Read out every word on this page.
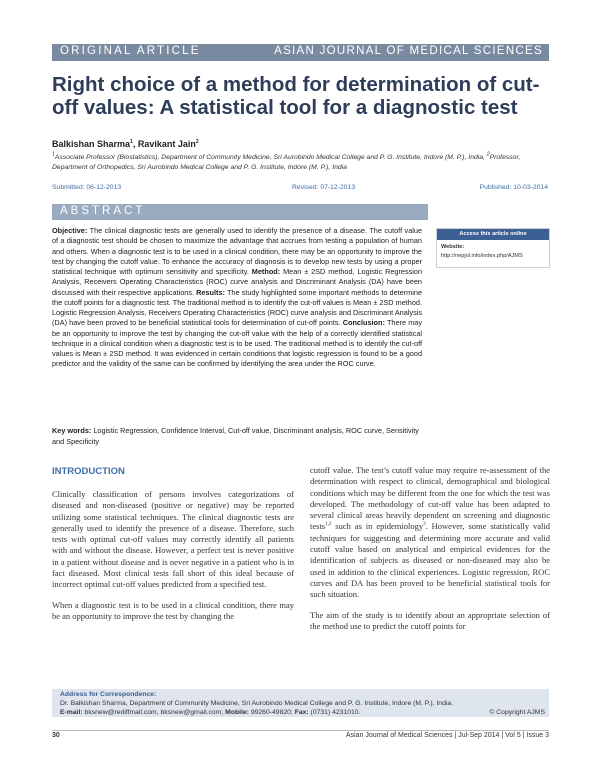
ORIGINAL ARTICLE	ASIAN JOURNAL OF MEDICAL SCIENCES
Right choice of a method for determination of cut-off values: A statistical tool for a diagnostic test
Balkishan Sharma$^1$, Ravikant Jain$^2$
$^1$Associate Professor (Biostatistics), Department of Community Medicine, Sri Aurobindo Medical College and P. G. Institute, Indore (M. P.), India, $^2$Professor, Department of Orthopedics, Sri Aurobindo Medical College and P. G. Institute, Indore (M. P.), India
Submitted: 06-12-2013	Revised: 07-12-2013	Published: 10-03-2014
ABSTRACT
Objective: The clinical diagnostic tests are generally used to identify the presence of a disease. The cutoff value of a diagnostic test should be chosen to maximize the advantage that accrues from testing a population of human and others. When a diagnostic test is to be used in a clinical condition, there may be an opportunity to improve the test by changing the cutoff value. To enhance the accuracy of diagnosis is to develop new tests by using a proper statistical technique with optimum sensitivity and specificity. Method: Mean ± 2SD method, Logistic Regression Analysis, Receivers Operating Characteristics (ROC) curve analysis and Discriminant Analysis (DA) have been discussed with their respective applications. Results: The study highlighted some important methods to determine the cutoff points for a diagnostic test. The traditional method is to identify the cut-off values is Mean ± 2SD method. Logistic Regression Analysis, Receivers Operating Characteristics (ROC) curve analysis and Discriminant Analysis (DA) have been proved to be beneficial statistical tools for determination of cut-off points. Conclusion: There may be an opportunity to improve the test by changing the cut-off value with the help of a correctly identified statistical technique in a clinical condition when a diagnostic test is to be used. The traditional method is to identify the cut-off values is Mean ± 2SD method. It was evidenced in certain conditions that logistic regression is found to be a good predictor and the validity of the same can be confirmed by identifying the area under the ROC curve.
Key words: Logistic Regression, Confidence Interval, Cut-off value, Discriminant analysis, ROC curve, Sensitivity and Specificity
Access this article online
Website:
http://nepjol.info/index.php/AJMS
INTRODUCTION

Clinically classification of persons involves categorizations of diseased and non-diseased (positive or negative) may be reported utilizing some statistical techniques. The clinical diagnostic tests are generally used to identify the presence of a disease. Therefore, such tests with optimal cut-off values may correctly identify all patients with and without the disease. However, a perfect test is never positive in a patient without disease and is never negative in a patient who is in fact diseased. Most clinical tests fall short of this ideal because of incorrect optimal cut-off values predicted from a specified test.

When a diagnostic test is to be used in a clinical condition, there may be an opportunity to improve the test by changing the

cutoff value. The test’s cutoff value may require re-assessment of the determination with respect to clinical, demographical and biological conditions which may be different from the one for which the test was developed. The methodology of cut-off value has been adapted to several clinical areas heavily dependent on screening and diagnostic tests$^{1,2}$ such as in epidemiology$^3$. However, some statistically valid techniques for suggesting and determining more accurate and valid cutoff value based on analytical and empirical evidences for the identification of subjects as diseased or non-diseased may also be used in addition to the clinical experiences. Logistic regression, ROC curves and DA has been proved to be beneficial statistical tools for such situation.

The aim of the study is to identify about an appropriate selection of the method use to predict the cutoff points for

Address for Correspondence:
Dr. Balkishan Sharma, Department of Community Medicine, Sri Aurobindo Medical College and P. G. Institute, Indore (M. P.), India.
E-mail: bksnew@rediffmail.com, bksnew@gmail.com; Mobile: 99260-49820; Fax: (0731) 4231010.	© Copyright AJMS
30	Asian Journal of Medical Sciences | Jul-Sep 2014 | Vol 5 | Issue 3
